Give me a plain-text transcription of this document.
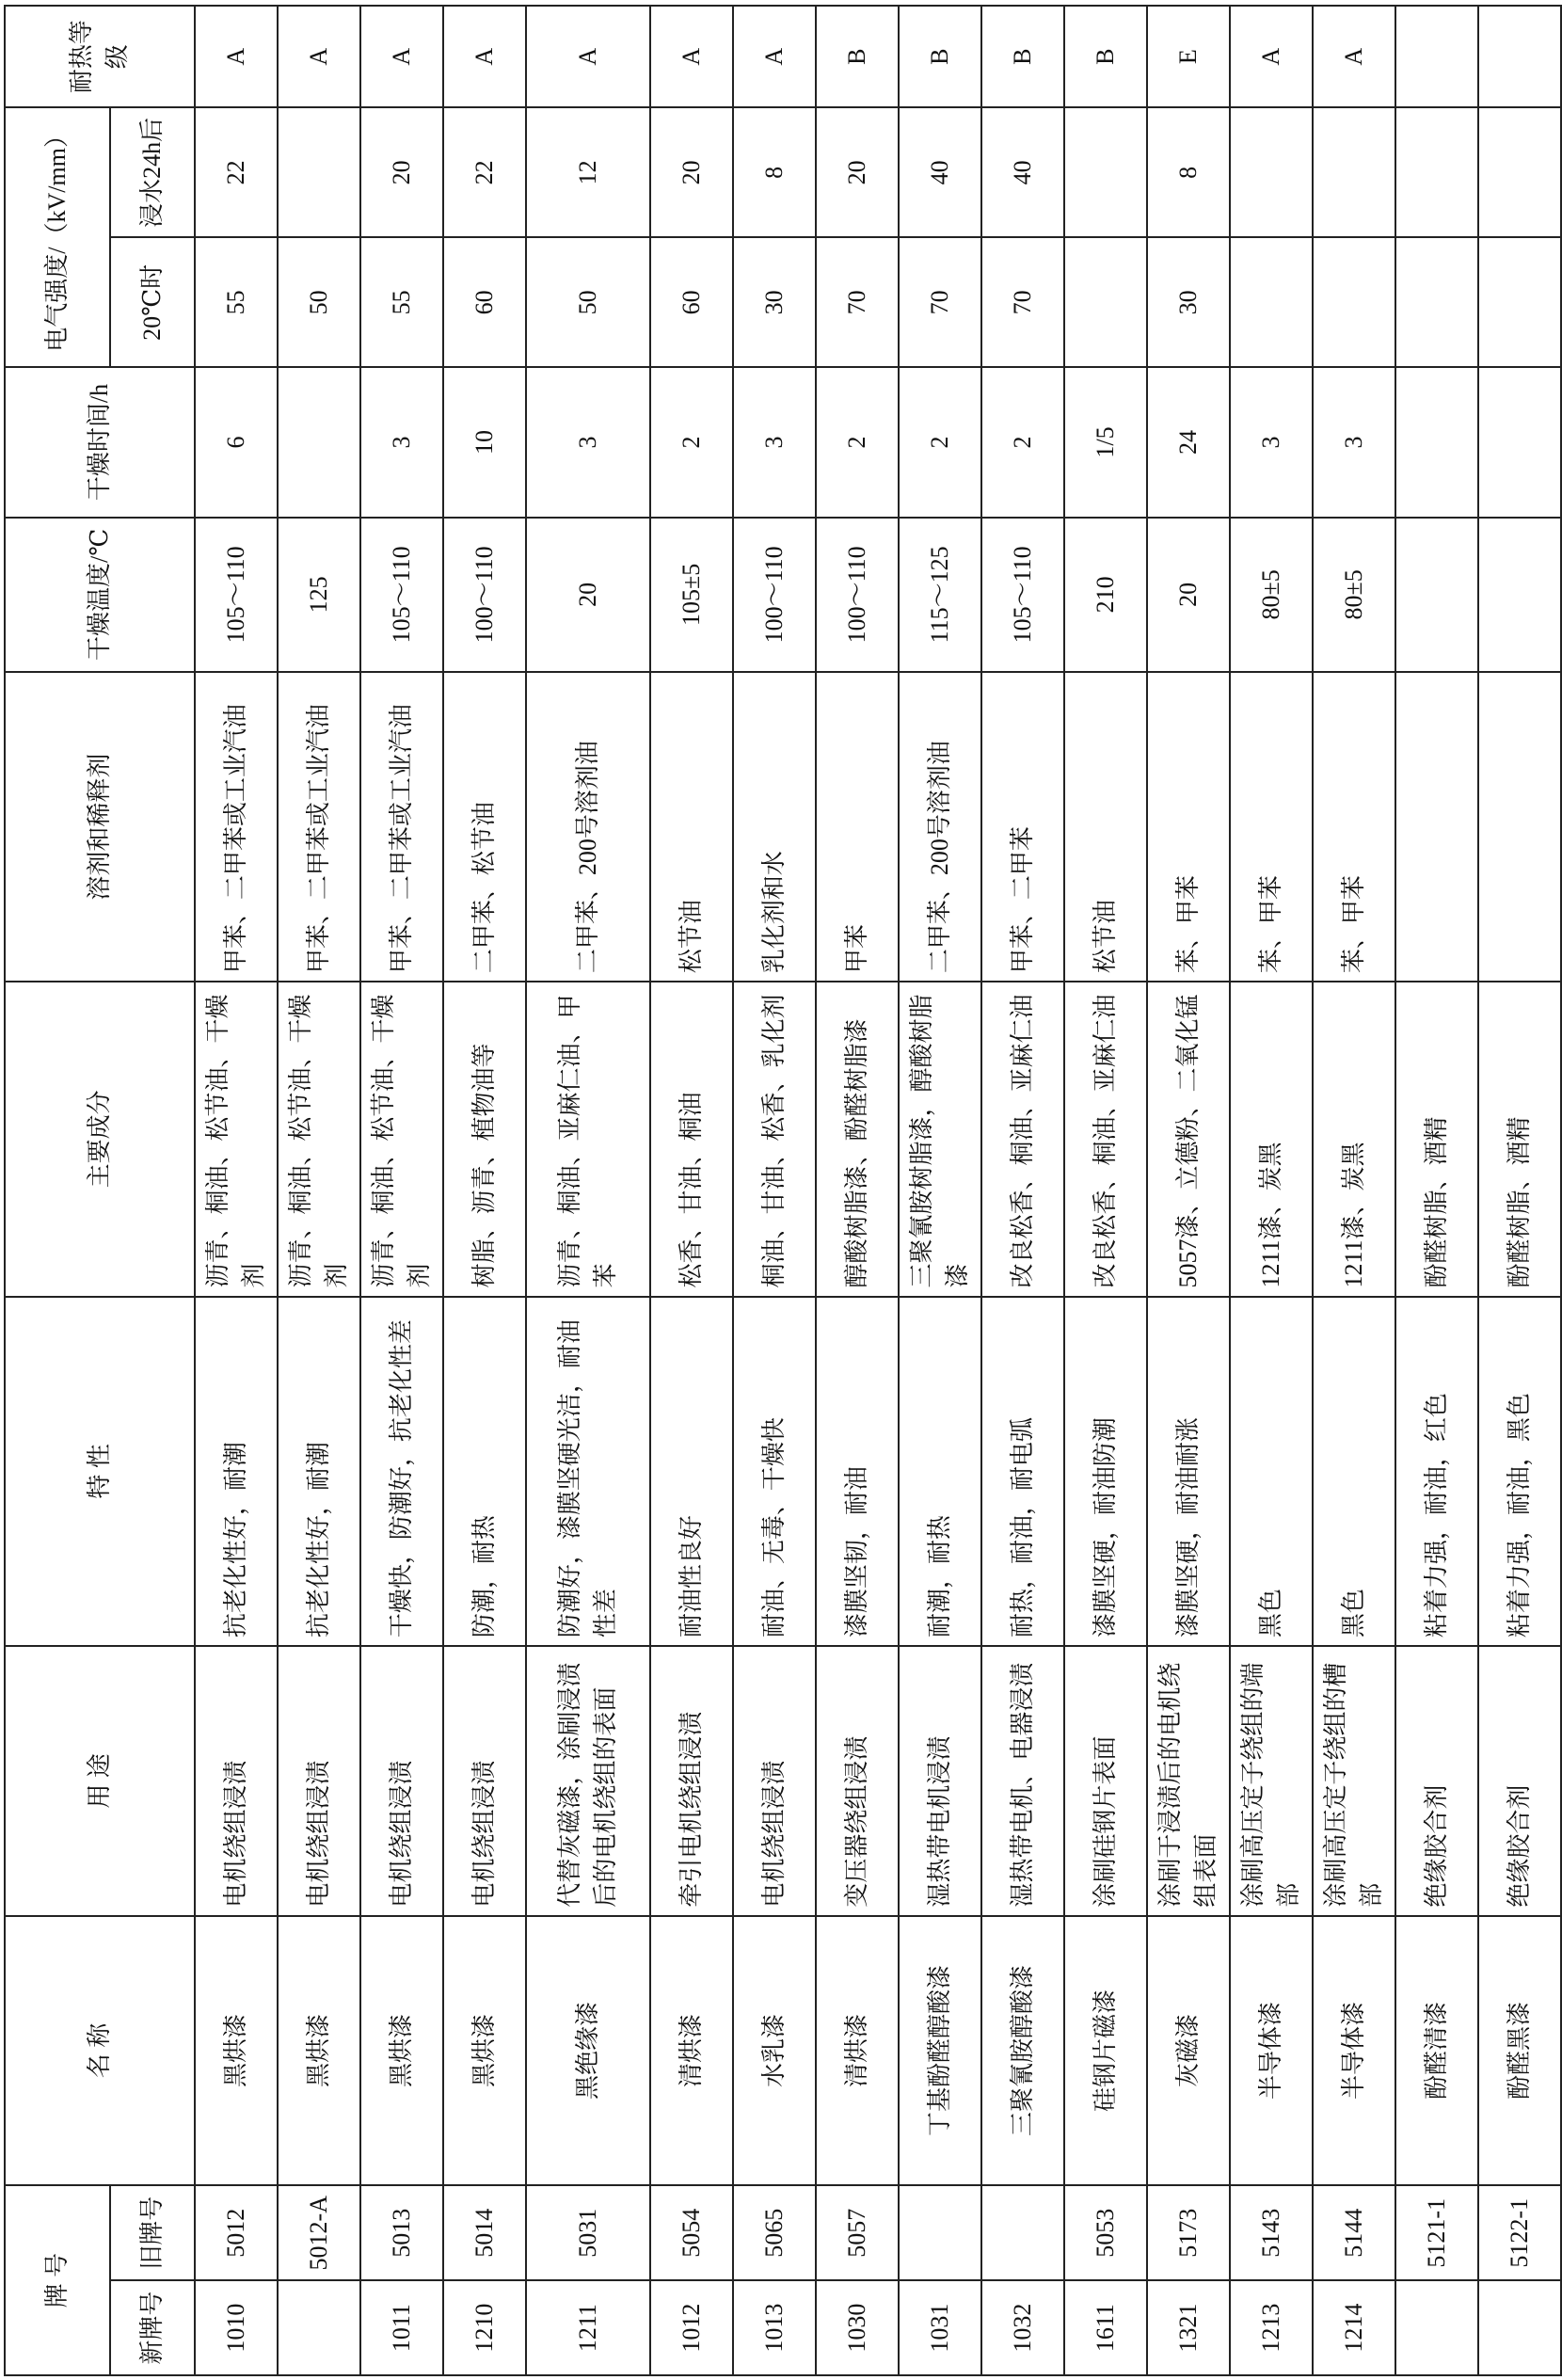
牌 号		名 称	用 途	特 性	主要成分	溶剂和稀释剂	干燥温度/℃	干燥时间/h	电气强度/（kV/mm）		耐热等级
新牌号	旧牌号								20℃时	浸水24h后	
1010	5012	黑烘漆	电机绕组浸渍	抗老化性好，耐潮	沥青、桐油、松节油、干燥剂	甲苯、二甲苯或工业汽油	105～110	6	55	22	A
	5012-A	黑烘漆	电机绕组浸渍	抗老化性好，耐潮	沥青、桐油、松节油、干燥剂	甲苯、二甲苯或工业汽油	125		50		A
1011	5013	黑烘漆	电机绕组浸渍	干燥快，防潮好，抗老化性差	沥青、桐油、松节油、干燥剂	甲苯、二甲苯或工业汽油	105～110	3	55	20	A
1210	5014	黑烘漆	电机绕组浸渍	防潮，耐热	树脂、沥青、植物油等	二甲苯、松节油	100～110	10	60	22	A
1211	5031	黑绝缘漆	代替灰磁漆，涂刷浸渍后的电机绕组的表面	防潮好，漆膜坚硬光洁，耐油性差	沥青、桐油、亚麻仁油、甲苯	二甲苯、200号溶剂油	20	3	50	12	A
1012	5054	清烘漆	牵引电机绕组浸渍	耐油性良好	松香、甘油、桐油	松节油	105±5	2	60	20	A
1013	5065	水乳漆	电机绕组浸渍	耐油、无毒、干燥快	桐油、甘油、松香、乳化剂	乳化剂和水	100～110	3	30	8	A
1030	5057	清烘漆	变压器绕组浸渍	漆膜坚韧，耐油	醇酸树脂漆、酚醛树脂漆	甲苯	100～110	2	70	20	B
1031		丁基酚醛醇酸漆	湿热带电机浸渍	耐潮，耐热	三聚氰胺树脂漆，醇酸树脂漆	二甲苯、200号溶剂油	115～125	2	70	40	B
1032		三聚氰胺醇酸漆	湿热带电机、电器浸渍	耐热，耐油，耐电弧	改良松香、桐油、亚麻仁油	甲苯、二甲苯	105～110	2	70	40	B
1611	5053	硅钢片磁漆	涂刷硅钢片表面	漆膜坚硬，耐油防潮	改良松香、桐油、亚麻仁油	松节油	210	1/5			B
1321	5173	灰磁漆	涂刷于浸渍后的电机绕组表面	漆膜坚硬，耐油耐涨	5057漆、立德粉、二氧化锰	苯、甲苯	20	24	30	8	E
1213	5143	半导体漆	涂刷高压定子绕组的端部	黑色	1211漆、炭黑	苯、甲苯	80±5	3			A
1214	5144	半导体漆	涂刷高压定子绕组的槽部	黑色	1211漆、炭黑	苯、甲苯	80±5	3			A
	5121-1	酚醛清漆	绝缘胶合剂	粘着力强，耐油，红色	酚醛树脂、酒精						
	5122-1	酚醛黑漆	绝缘胶合剂	粘着力强，耐油，黑色	酚醛树脂、酒精						
